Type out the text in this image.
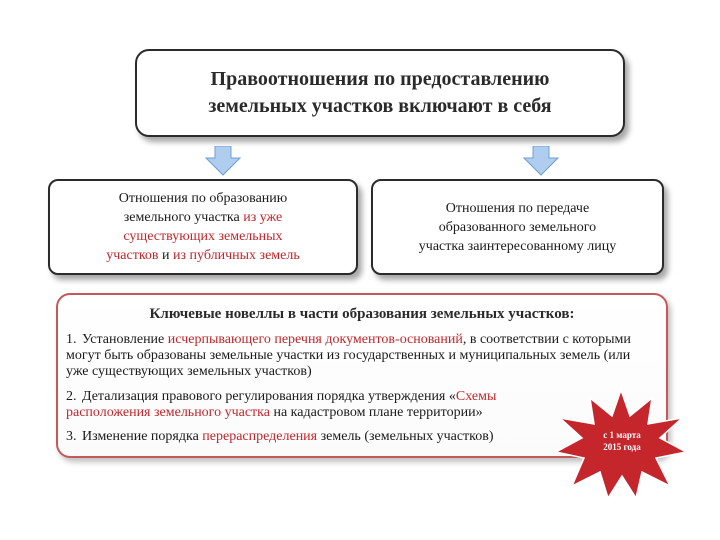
Правоотношения по предоставлению
земельных участков включают в себя
Отношения по образованию
земельного участка из уже
существующих земельных
участков и из публичных земель
Отношения по передаче
образованного земельного
участка заинтересованному лицу
Ключевые новеллы в части образования земельных участков:
1. Установление исчерпывающего перечня документов-оснований, в соответствии с которыми могут быть образованы земельные участки из государственных и муниципальных земель (или уже существующих земельных участков)
2. Детализация правового регулирования порядка утверждения «Схемы расположения земельного участка на кадастровом плане территории»
3. Изменение порядка перераспределения земель (земельных участков)	с 1 марта
2015 года
